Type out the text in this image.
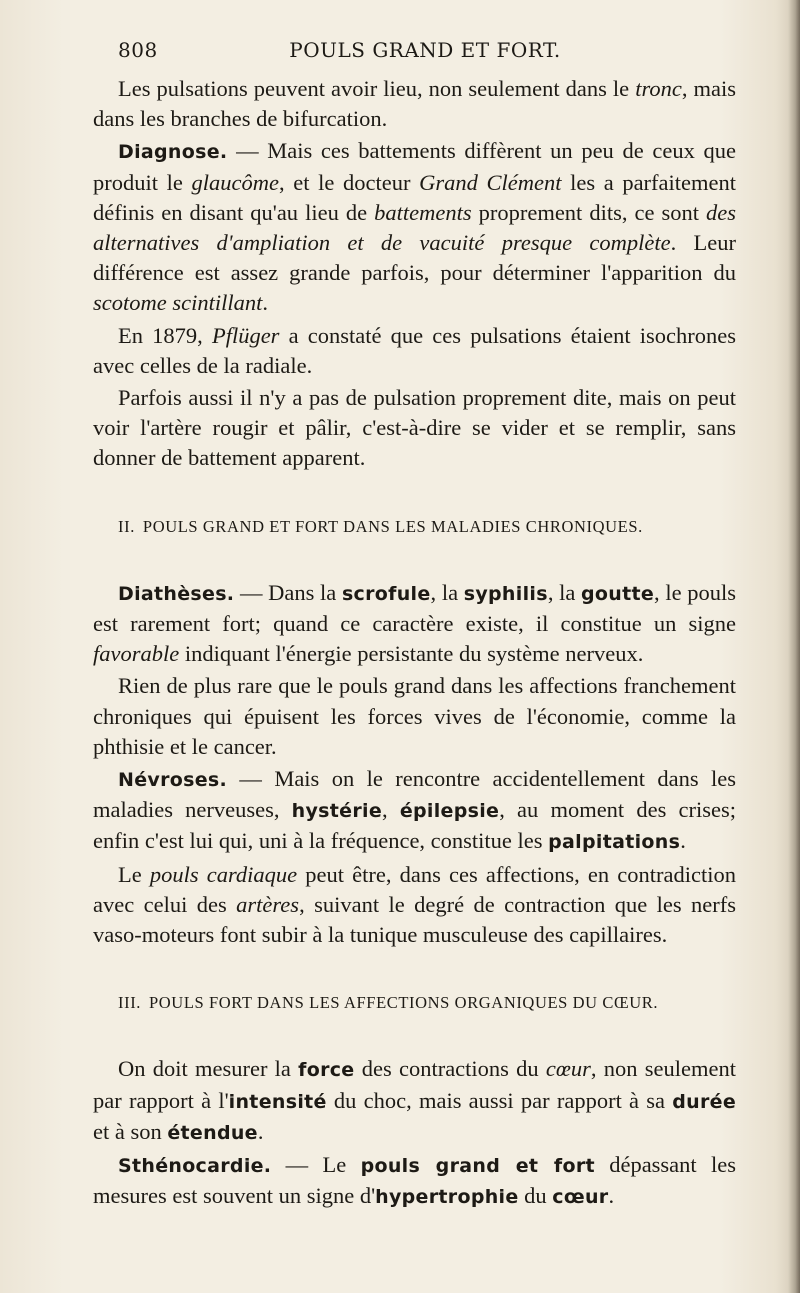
808	POULS GRAND ET FORT.

Les pulsations peuvent avoir lieu, non seulement dans le tronc, mais dans les branches de bifurcation.

Diagnose. — Mais ces battements diffèrent un peu de ceux que produit le glaucôme, et le docteur Grand Clément les a parfaitement définis en disant qu'au lieu de battements proprement dits, ce sont des alternatives d'ampliation et de vacuité presque complète. Leur différence est assez grande parfois, pour déterminer l'apparition du scotome scintillant.

En 1879, Pflüger a constaté que ces pulsations étaient isochrones avec celles de la radiale.

Parfois aussi il n'y a pas de pulsation proprement dite, mais on peut voir l'artère rougir et pâlir, c'est-à-dire se vider et se remplir, sans donner de battement apparent.

II. POULS GRAND ET FORT DANS LES MALADIES CHRONIQUES.

Diathèses. — Dans la scrofule, la syphilis, la goutte, le pouls est rarement fort; quand ce caractère existe, il constitue un signe favorable indiquant l'énergie persistante du système nerveux.

Rien de plus rare que le pouls grand dans les affections franchement chroniques qui épuisent les forces vives de l'économie, comme la phthisie et le cancer.

Névroses. — Mais on le rencontre accidentellement dans les maladies nerveuses, hystérie, épilepsie, au moment des crises; enfin c'est lui qui, uni à la fréquence, constitue les palpitations.

Le pouls cardiaque peut être, dans ces affections, en contradiction avec celui des artères, suivant le degré de contraction que les nerfs vaso-moteurs font subir à la tunique musculeuse des capillaires.

III. POULS FORT DANS LES AFFECTIONS ORGANIQUES DU CŒUR.

On doit mesurer la force des contractions du cœur, non seulement par rapport à l'intensité du choc, mais aussi par rapport à sa durée et à son étendue.

Sthénocardie. — Le pouls grand et fort dépassant les mesures est souvent un signe d'hypertrophie du cœur.
